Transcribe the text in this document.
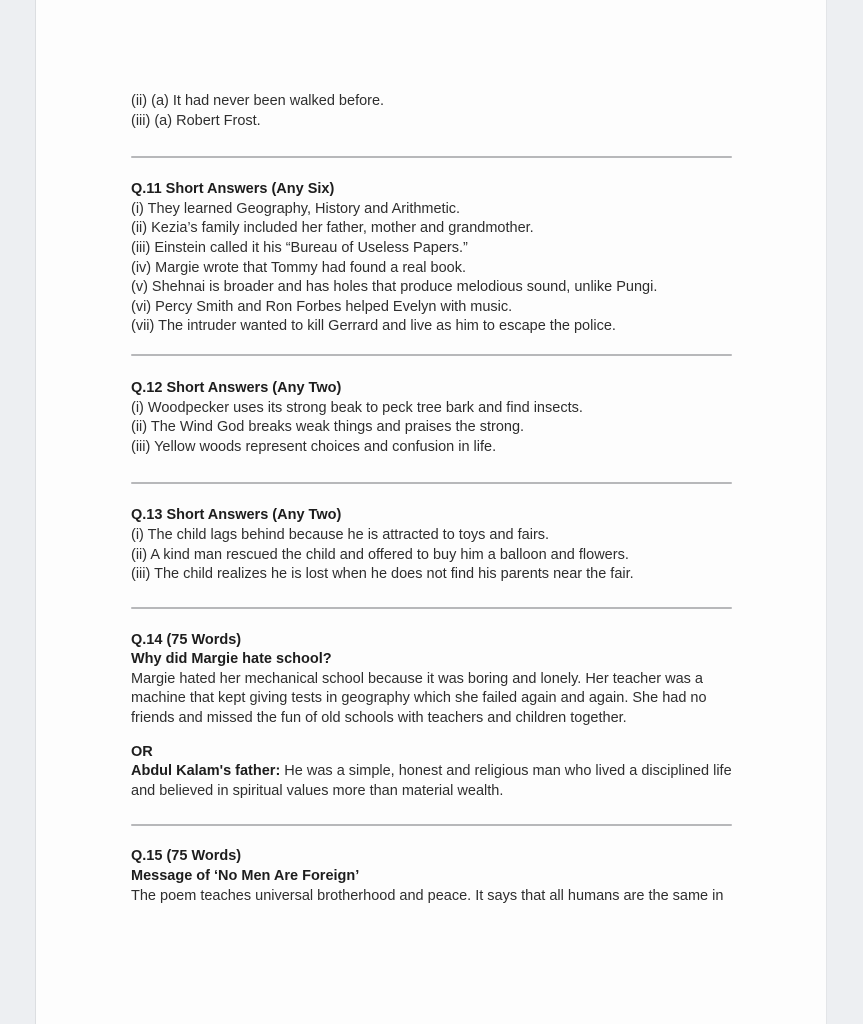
(ii) (a) It had never been walked before.
(iii) (a) Robert Frost.
Q.11 Short Answers (Any Six)
(i) They learned Geography, History and Arithmetic.
(ii) Kezia’s family included her father, mother and grandmother.
(iii) Einstein called it his “Bureau of Useless Papers.”
(iv) Margie wrote that Tommy had found a real book.
(v) Shehnai is broader and has holes that produce melodious sound, unlike Pungi.
(vi) Percy Smith and Ron Forbes helped Evelyn with music.
(vii) The intruder wanted to kill Gerrard and live as him to escape the police.
Q.12 Short Answers (Any Two)
(i) Woodpecker uses its strong beak to peck tree bark and find insects.
(ii) The Wind God breaks weak things and praises the strong.
(iii) Yellow woods represent choices and confusion in life.
Q.13 Short Answers (Any Two)
(i) The child lags behind because he is attracted to toys and fairs.
(ii) A kind man rescued the child and offered to buy him a balloon and flowers.
(iii) The child realizes he is lost when he does not find his parents near the fair.
Q.14 (75 Words)
Why did Margie hate school?
Margie hated her mechanical school because it was boring and lonely. Her teacher was a
machine that kept giving tests in geography which she failed again and again. She had no
friends and missed the fun of old schools with teachers and children together.
OR
Abdul Kalam's father: He was a simple, honest and religious man who lived a disciplined life
and believed in spiritual values more than material wealth.
Q.15 (75 Words)
Message of ‘No Men Are Foreign’
The poem teaches universal brotherhood and peace. It says that all humans are the same in
